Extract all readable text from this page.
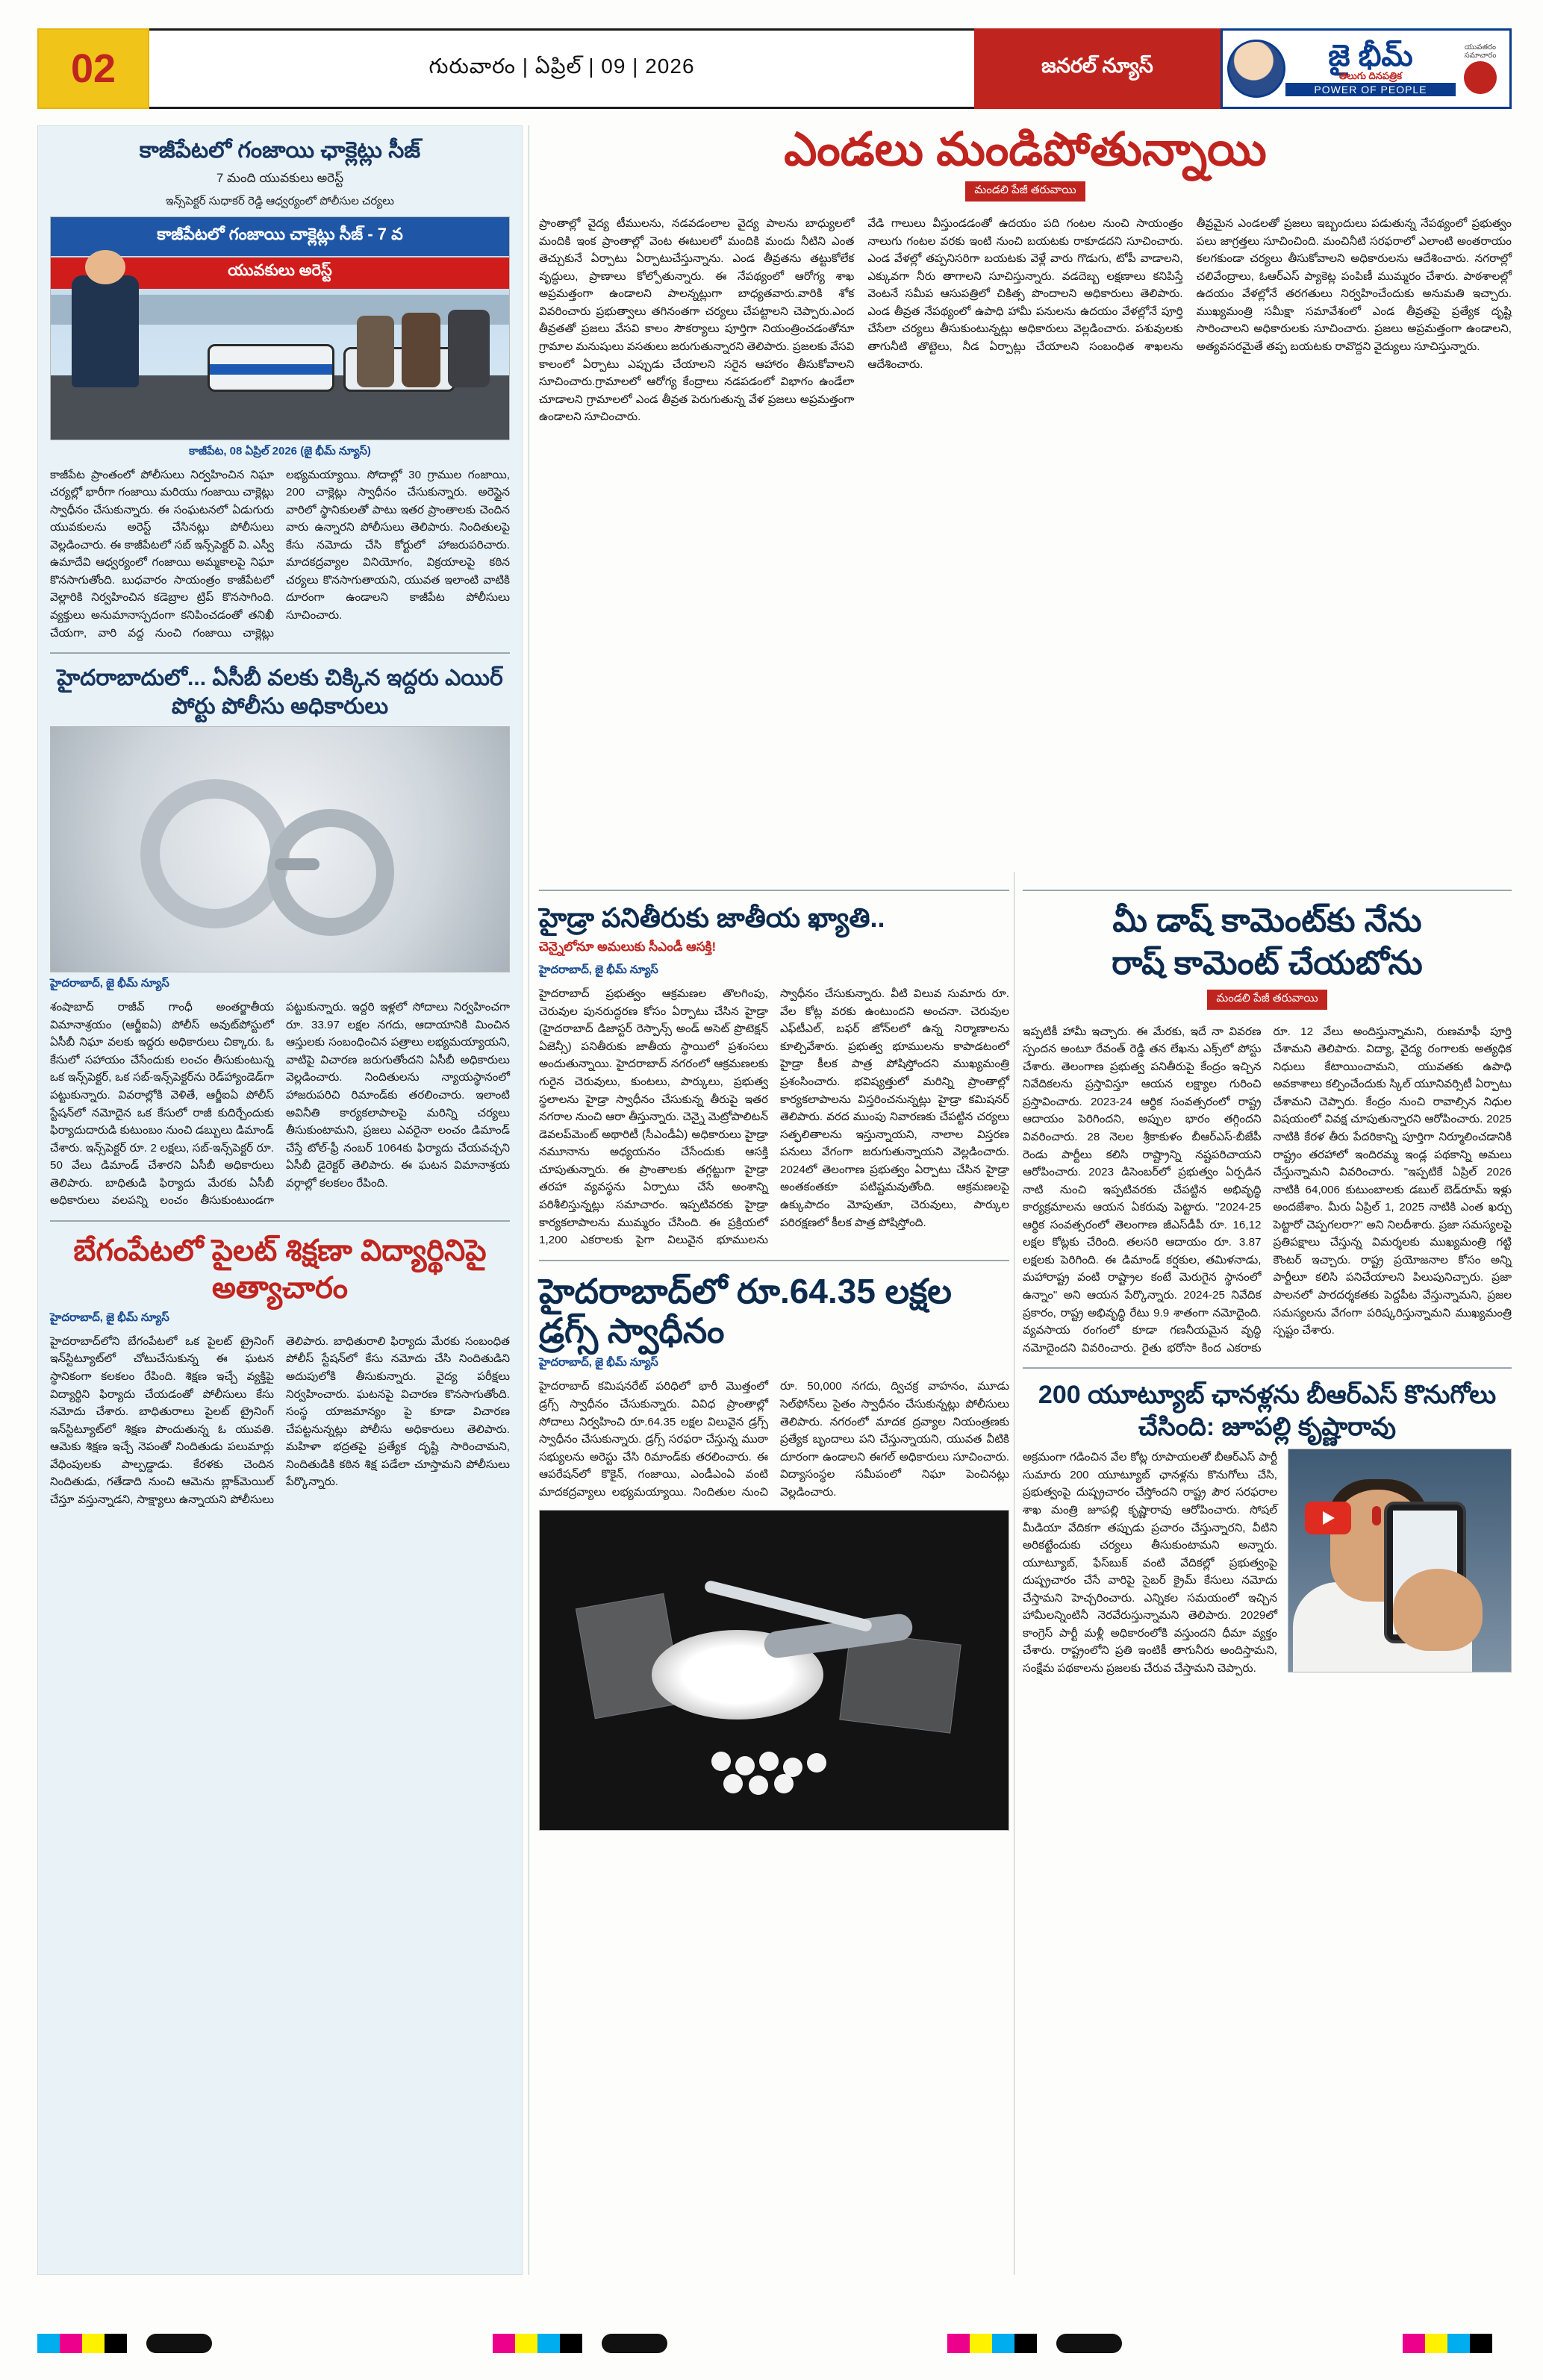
02	గురువారం | ఏప్రిల్ | 09 | 2026	జనరల్ న్యూస్	జై భీమ్
తెలుగు దినపత్రిక
POWER OF PEOPLE
యువతరం సమాచారం
కాజీపేటలో గంజాయి ఛాక్లెట్లు సీజ్
7 మంది యువకులు అరెస్ట్
ఇన్స్‌పెక్టర్ సుధాకర్ రెడ్డి ఆధ్వర్యంలో పోలీసుల చర్యలు
కాజీపేటలో గంజాయి చాక్లెట్లు సీజ్ - 7 వ
యువకులు అరెస్ట్
కాజీపేట, 08 ఏప్రిల్ 2026 (జై భీమ్ న్యూస్)
కాజీపేట ప్రాంతంలో పోలీసులు నిర్వహించిన నిఘా చర్యల్లో భారీగా గంజాయి మరియు గంజాయి చాక్లెట్లు స్వాధీనం చేసుకున్నారు. ఈ సంఘటనలో ఏడుగురు యువకులను అరెస్ట్ చేసినట్లు పోలీసులు వెల్లడించారు. ఈ కాజీపేటలో సబ్ ఇన్స్‌పెక్టర్ వి. ఎస్వీ ఉమాదేవి ఆధ్వర్యంలో గంజాయి అమ్మకాలపై నిఘా కొనసాగుతోంది. బుధవారం సాయంత్రం కాజీపేటలో వెల్లారికి నిర్వహించిన కడెబ్రాల ట్రిప్ కొనసాగింది. వ్యక్తులు అనుమానాస్పదంగా కనిపించడంతో తనిఖీ చేయగా, వారి వద్ద నుంచి గంజాయి చాక్లెట్లు లభ్యమయ్యాయి. సోదాల్లో 30 గ్రాముల గంజాయి, 200 చాక్లెట్లు స్వాధీనం చేసుకున్నారు. అరెస్టైన వారిలో స్థానికులతో పాటు ఇతర ప్రాంతాలకు చెందిన వారు ఉన్నారని పోలీసులు తెలిపారు. నిందితులపై కేసు నమోదు చేసి కోర్టులో హాజరుపరిచారు. మాదకద్రవ్యాల వినియోగం, విక్రయాలపై కఠిన చర్యలు కొనసాగుతాయని, యువత ఇలాంటి వాటికి దూరంగా ఉండాలని కాజీపేట పోలీసులు సూచించారు.
హైదరాబాదులో... ఏసీబీ వలకు చిక్కిన ఇద్దరు ఎయిర్ పోర్టు పోలీసు అధికారులు
హైదరాబాద్, జై భీమ్ న్యూస్
శంషాబాద్ రాజీవ్ గాంధీ అంతర్జాతీయ విమానాశ్రయం (ఆర్జీఐఏ) పోలీస్ అవుట్‌పోస్టులో ఏసీబీ నిఘా వలకు ఇద్దరు అధికారులు చిక్కారు. ఓ కేసులో సహాయం చేసేందుకు లంచం తీసుకుంటున్న ఒక ఇన్స్‌పెక్టర్, ఒక సబ్-ఇన్స్‌పెక్టర్‌ను రెడ్‌హ్యాండెడ్‌గా పట్టుకున్నారు. వివరాల్లోకి వెళితే, ఆర్జీఐఏ పోలీస్ స్టేషన్‌లో నమోదైన ఒక కేసులో రాజీ కుదిర్చేందుకు ఫిర్యాదుదారుడి కుటుంబం నుంచి డబ్బులు డిమాండ్ చేశారు. ఇన్స్‌పెక్టర్ రూ. 2 లక్షలు, సబ్-ఇన్స్‌పెక్టర్ రూ. 50 వేలు డిమాండ్ చేశారని ఏసీబీ అధికారులు తెలిపారు. బాధితుడి ఫిర్యాదు మేరకు ఏసీబీ అధికారులు వలపన్ని లంచం తీసుకుంటుండగా పట్టుకున్నారు. ఇద్దరి ఇళ్లలో సోదాలు నిర్వహించగా రూ. 33.97 లక్షల నగదు, ఆదాయానికి మించిన ఆస్తులకు సంబంధించిన పత్రాలు లభ్యమయ్యాయని, వాటిపై విచారణ జరుగుతోందని ఏసీబీ అధికారులు వెల్లడించారు. నిందితులను న్యాయస్థానంలో హాజరుపరిచి రిమాండ్‌కు తరలించారు. ఇలాంటి అవినీతి కార్యకలాపాలపై మరిన్ని చర్యలు తీసుకుంటామని, ప్రజలు ఎవరైనా లంచం డిమాండ్ చేస్తే టోల్-ఫ్రీ నంబర్ 1064కు ఫిర్యాదు చేయవచ్చని ఏసీబీ డైరెక్టర్ తెలిపారు. ఈ ఘటన విమానాశ్రయ వర్గాల్లో కలకలం రేపింది.
బేగంపేటలో పైలట్ శిక్షణా విద్యార్థినిపై అత్యాచారం
హైదరాబాద్, జై భీమ్ న్యూస్
హైదరాబాద్‌లోని బేగంపేటలో ఒక పైలట్ ట్రైనింగ్ ఇన్‌స్టిట్యూట్‌లో చోటుచేసుకున్న ఈ ఘటన స్థానికంగా కలకలం రేపింది. శిక్షణ ఇచ్చే వ్యక్తిపై విద్యార్థిని ఫిర్యాదు చేయడంతో పోలీసులు కేసు నమోదు చేశారు. బాధితురాలు పైలట్ ట్రైనింగ్ ఇన్‌స్టిట్యూట్‌లో శిక్షణ పొందుతున్న ఓ యువతి. ఆమెకు శిక్షణ ఇచ్చే నెపంతో నిందితుడు పలుమార్లు వేధింపులకు పాల్పడ్డాడు. కేరళకు చెందిన నిందితుడు, గతేడాది నుంచి ఆమెను బ్లాక్‌మెయిల్ చేస్తూ వస్తున్నాడని, సాక్ష్యాలు ఉన్నాయని పోలీసులు తెలిపారు. బాధితురాలి ఫిర్యాదు మేరకు సంబంధిత పోలీస్ స్టేషన్‌లో కేసు నమోదు చేసి నిందితుడిని అదుపులోకి తీసుకున్నారు. వైద్య పరీక్షలు నిర్వహించారు. ఘటనపై విచారణ కొనసాగుతోంది. సంస్థ యాజమాన్యం పై కూడా విచారణ చేపట్టనున్నట్లు పోలీసు అధికారులు తెలిపారు. మహిళా భద్రతపై ప్రత్యేక దృష్టి సారించామని, నిందితుడికి కఠిన శిక్ష పడేలా చూస్తామని పోలీసులు పేర్కొన్నారు.
ఎండలు మండిపోతున్నాయి
మండలి పేజీ తరువాయి
ప్రాంతాల్లో వైద్య టీములను, నడవడంలాల వైద్య పాలను బాధ్యులలో మందికి ఇంక ప్రాంతాల్లో వెంట ఈటులలో మందికి మందు నీటిని ఎంత తెచ్చుకునే ఏర్పాటు ఏర్పాటుచేస్తున్నాను. ఎండ తీవ్రతను తట్టుకోలేక వృద్ధులు, ప్రాణాలు కోల్పోతున్నారు. ఈ నేపథ్యంలో ఆరోగ్య శాఖ అప్రమత్తంగా ఉండాలని పాలన్నట్లుగా బాధ్యతవారు.వారికి శోక వివరించారు ప్రభుత్వాలు తగినంతగా చర్యలు చేపట్టాలని చెప్పారు.ఎంద తీవ్రతతో ప్రజలు వేసవి కాలం సౌకర్యాలు పూర్తిగా నియంత్రించడంతోనూ గ్రామాల మనుషులు వసతులు జరుగుతున్నారని తెలిపారు. ప్రజలకు వేసవి కాలంలో ఏర్పాటు ఎప్పుడు చేయాలని సరైన ఆహారం తీసుకోవాలని సూచించారు.గ్రామాలలో ఆరోగ్య కేంద్రాలు నడపడంలో విభాగం ఉండేలా చూడాలని గ్రామాలలో ఎండ తీవ్రత పెరుగుతున్న వేళ ప్రజలు అప్రమత్తంగా ఉండాలని సూచించారు.
వేడి గాలులు వీస్తుండడంతో ఉదయం పది గంటల నుంచి సాయంత్రం నాలుగు గంటల వరకు ఇంటి నుంచి బయటకు రాకూడదని సూచించారు. ఎండ వేళల్లో తప్పనిసరిగా బయటకు వెళ్లే వారు గొడుగు, టోపీ వాడాలని, ఎక్కువగా నీరు తాగాలని సూచిస్తున్నారు. వడదెబ్బ లక్షణాలు కనిపిస్తే వెంటనే సమీప ఆసుపత్రిలో చికిత్స పొందాలని అధికారులు తెలిపారు. ఎండ తీవ్రత నేపథ్యంలో ఉపాధి హామీ పనులను ఉదయం వేళల్లోనే పూర్తి చేసేలా చర్యలు తీసుకుంటున్నట్లు అధికారులు వెల్లడించారు. పశువులకు తాగునీటి తొట్టెలు, నీడ ఏర్పాట్లు చేయాలని సంబంధిత శాఖలను ఆదేశించారు.
తీవ్రమైన ఎండలతో ప్రజలు ఇబ్బందులు పడుతున్న నేపథ్యంలో ప్రభుత్వం పలు జాగ్రత్తలు సూచించింది. మంచినీటి సరఫరాలో ఎలాంటి అంతరాయం కలగకుండా చర్యలు తీసుకోవాలని అధికారులను ఆదేశించారు. నగరాల్లో చలివేంద్రాలు, ఓఆర్ఎస్ ప్యాకెట్ల పంపిణీ ముమ్మరం చేశారు. పాఠశాలల్లో ఉదయం వేళల్లోనే తరగతులు నిర్వహించేందుకు అనుమతి ఇచ్చారు. ముఖ్యమంత్రి సమీక్షా సమావేశంలో ఎండ తీవ్రతపై ప్రత్యేక దృష్టి సారించాలని అధికారులకు సూచించారు. ప్రజలు అప్రమత్తంగా ఉండాలని, అత్యవసరమైతే తప్ప బయటకు రావొద్దని వైద్యులు సూచిస్తున్నారు.
హైడ్రా పనితీరుకు జాతీయ ఖ్యాతి..
చెన్నైలోనూ అమలుకు సీఎండీ ఆసక్తి!
హైదరాబాద్, జై భీమ్ న్యూస్
హైదరాబాద్ ప్రభుత్వం ఆక్రమణల తొలగింపు, చెరువుల పునరుద్ధరణ కోసం ఏర్పాటు చేసిన హైడ్రా (హైదరాబాద్ డిజాస్టర్ రెస్పాన్స్ అండ్ అసెట్ ప్రొటెక్షన్ ఏజెన్సీ) పనితీరుకు జాతీయ స్థాయిలో ప్రశంసలు అందుతున్నాయి. హైదరాబాద్ నగరంలో ఆక్రమణలకు గురైన చెరువులు, కుంటలు, పార్కులు, ప్రభుత్వ స్థలాలను హైడ్రా స్వాధీనం చేసుకున్న తీరుపై ఇతర నగరాల నుంచి ఆరా తీస్తున్నారు. చెన్నై మెట్రోపాలిటన్ డెవలప్‌మెంట్ అథారిటీ (సీఎండీఏ) అధికారులు హైడ్రా నమూనాను అధ్యయనం చేసేందుకు ఆసక్తి చూపుతున్నారు. ఈ ప్రాంతాలకు తగ్గట్టుగా హైడ్రా తరహా వ్యవస్థను ఏర్పాటు చేసే అంశాన్ని పరిశీలిస్తున్నట్లు సమాచారం. ఇప్పటివరకు హైడ్రా కార్యకలాపాలను ముమ్మరం చేసింది. ఈ ప్రక్రియలో 1,200 ఎకరాలకు పైగా విలువైన భూములను స్వాధీనం చేసుకున్నారు. వీటి విలువ సుమారు రూ. వేల కోట్ల వరకు ఉంటుందని అంచనా. చెరువుల ఎఫ్‌టీఎల్, బఫర్ జోన్‌లలో ఉన్న నిర్మాణాలను కూల్చివేశారు. ప్రభుత్వ భూములను కాపాడటంలో హైడ్రా కీలక పాత్ర పోషిస్తోందని ముఖ్యమంత్రి ప్రశంసించారు. భవిష్యత్తులో మరిన్ని ప్రాంతాల్లో కార్యకలాపాలను విస్తరించనున్నట్లు హైడ్రా కమిషనర్ తెలిపారు. వరద ముంపు నివారణకు చేపట్టిన చర్యలు సత్ఫలితాలను ఇస్తున్నాయని, నాలాల విస్తరణ పనులు వేగంగా జరుగుతున్నాయని వెల్లడించారు. 2024లో తెలంగాణ ప్రభుత్వం ఏర్పాటు చేసిన హైడ్రా అంతకంతకూ పటిష్టమవుతోంది. ఆక్రమణలపై ఉక్కుపాదం మోపుతూ, చెరువులు, పార్కుల పరిరక్షణలో కీలక పాత్ర పోషిస్తోంది.
హైదరాబాద్‌లో రూ.64.35 లక్షల డ్రగ్స్ స్వాధీనం
హైదరాబాద్, జై భీమ్ న్యూస్
హైదరాబాద్ కమిషనరేట్ పరిధిలో భారీ మొత్తంలో డ్రగ్స్ స్వాధీనం చేసుకున్నారు. వివిధ ప్రాంతాల్లో సోదాలు నిర్వహించి రూ.64.35 లక్షల విలువైన డ్రగ్స్ స్వాధీనం చేసుకున్నారు. డ్రగ్స్ సరఫరా చేస్తున్న ముఠా సభ్యులను అరెస్టు చేసి రిమాండ్‌కు తరలించారు. ఈ ఆపరేషన్‌లో కొకైన్, గంజాయి, ఎండీఎంఏ వంటి మాదకద్రవ్యాలు లభ్యమయ్యాయి. నిందితుల నుంచి రూ. 50,000 నగదు, ద్విచక్ర వాహనం, మూడు సెల్‌ఫోన్‌లు సైతం స్వాధీనం చేసుకున్నట్లు పోలీసులు తెలిపారు. నగరంలో మాదక ద్రవ్యాల నియంత్రణకు ప్రత్యేక బృందాలు పని చేస్తున్నాయని, యువత వీటికి దూరంగా ఉండాలని ఈగల్ అధికారులు సూచించారు. విద్యాసంస్థల సమీపంలో నిఘా పెంచినట్లు వెల్లడించారు.
మీ డాష్ కామెంట్‌కు నేను
రాష్ కామెంట్ చేయబోను
మండలి పేజీ తరువాయి
ఇప్పటికీ హామీ ఇచ్చారు. ఈ మేరకు, ఇదే నా వివరణ స్పందన అంటూ రేవంత్ రెడ్డి తన లేఖను ఎక్స్‌లో పోస్టు చేశారు. తెలంగాణ ప్రభుత్వ పనితీరుపై కేంద్రం ఇచ్చిన నివేదికలను ప్రస్తావిస్తూ ఆయన లక్ష్యాల గురించి ప్రస్తావించారు. 2023-24 ఆర్థిక సంవత్సరంలో రాష్ట్ర ఆదాయం పెరిగిందని, అప్పుల భారం తగ్గిందని వివరించారు. 28 నెలల శ్రీకాకుళం బీఆర్ఎస్-బీజేపీ రెండు పార్టీలు కలిసి రాష్ట్రాన్ని నష్టపరిచాయని ఆరోపించారు. 2023 డిసెంబర్‌లో ప్రభుత్వం ఏర్పడిన నాటి నుంచి ఇప్పటివరకు చేపట్టిన అభివృద్ధి కార్యక్రమాలను ఆయన ఏకరువు పెట్టారు. "2024-25 ఆర్థిక సంవత్సరంలో తెలంగాణ జీఎస్‌డీపీ రూ. 16,12 లక్షల కోట్లకు చేరింది. తలసరి ఆదాయం రూ. 3.87 లక్షలకు పెరిగింది. ఈ డిమాండ్ కర్షకుల, తమిళనాడు, మహారాష్ట్ర వంటి రాష్ట్రాల కంటే మెరుగైన స్థానంలో ఉన్నాం" అని ఆయన పేర్కొన్నారు. 2024-25 నివేదిక ప్రకారం, రాష్ట్ర అభివృద్ధి రేటు 9.9 శాతంగా నమోదైంది. వ్యవసాయ రంగంలో కూడా గణనీయమైన వృద్ధి నమోదైందని వివరించారు. రైతు భరోసా కింద ఎకరాకు రూ. 12 వేలు అందిస్తున్నామని, రుణమాఫీ పూర్తి చేశామని తెలిపారు. విద్యా, వైద్య రంగాలకు అత్యధిక నిధులు కేటాయించామని, యువతకు ఉపాధి అవకాశాలు కల్పించేందుకు స్కిల్ యూనివర్సిటీ ఏర్పాటు చేశామని చెప్పారు. కేంద్రం నుంచి రావాల్సిన నిధుల విషయంలో వివక్ష చూపుతున్నారని ఆరోపించారు. 2025 నాటికి కేరళ తీరు పేదరికాన్ని పూర్తిగా నిర్మూలించడానికి రాష్ట్రం తరహాలో ఇందిరమ్మ ఇండ్ల పథకాన్ని అమలు చేస్తున్నామని వివరించారు. "ఇప్పటికే ఏప్రిల్ 2026 నాటికి 64,006 కుటుంబాలకు డబుల్ బెడ్‌రూమ్ ఇళ్లు అందజేశాం. మీరు ఏప్రిల్ 1, 2025 నాటికి ఎంత ఖర్చు పెట్టారో చెప్పగలరా?" అని నిలదీశారు. ప్రజా సమస్యలపై ప్రతిపక్షాలు చేస్తున్న విమర్శలకు ముఖ్యమంత్రి గట్టి కౌంటర్ ఇచ్చారు. రాష్ట్ర ప్రయోజనాల కోసం అన్ని పార్టీలూ కలిసి పనిచేయాలని పిలుపునిచ్చారు. ప్రజా పాలనలో పారదర్శకతకు పెద్దపీట వేస్తున్నామని, ప్రజల సమస్యలను వేగంగా పరిష్కరిస్తున్నామని ముఖ్యమంత్రి స్పష్టం చేశారు.
200 యూట్యూబ్ ఛానళ్లను బీఆర్ఎస్ కొనుగోలు చేసింది: జూపల్లి కృష్ణారావు
అక్రమంగా గడించిన వేల కోట్ల రూపాయలతో బీఆర్ఎస్ పార్టీ సుమారు 200 యూట్యూబ్ ఛానళ్లను కొనుగోలు చేసి, ప్రభుత్వంపై దుష్ప్రచారం చేస్తోందని రాష్ట్ర పౌర సరఫరాల శాఖ మంత్రి జూపల్లి కృష్ణారావు ఆరోపించారు. సోషల్ మీడియా వేదికగా తప్పుడు ప్రచారం చేస్తున్నారని, వీటిని అరికట్టేందుకు చర్యలు తీసుకుంటామని అన్నారు. యూట్యూబ్, ఫేస్‌బుక్ వంటి వేదికల్లో ప్రభుత్వంపై దుష్ప్రచారం చేసే వారిపై సైబర్ క్రైమ్ కేసులు నమోదు చేస్తామని హెచ్చరించారు. ఎన్నికల సమయంలో ఇచ్చిన హామీలన్నింటినీ నెరవేరుస్తున్నామని తెలిపారు. 2029లో కాంగ్రెస్ పార్టీ మళ్లీ అధికారంలోకి వస్తుందని ధీమా వ్యక్తం చేశారు. రాష్ట్రంలోని ప్రతి ఇంటికీ తాగునీరు అందిస్తామని, సంక్షేమ పథకాలను ప్రజలకు చేరువ చేస్తామని చెప్పారు.
